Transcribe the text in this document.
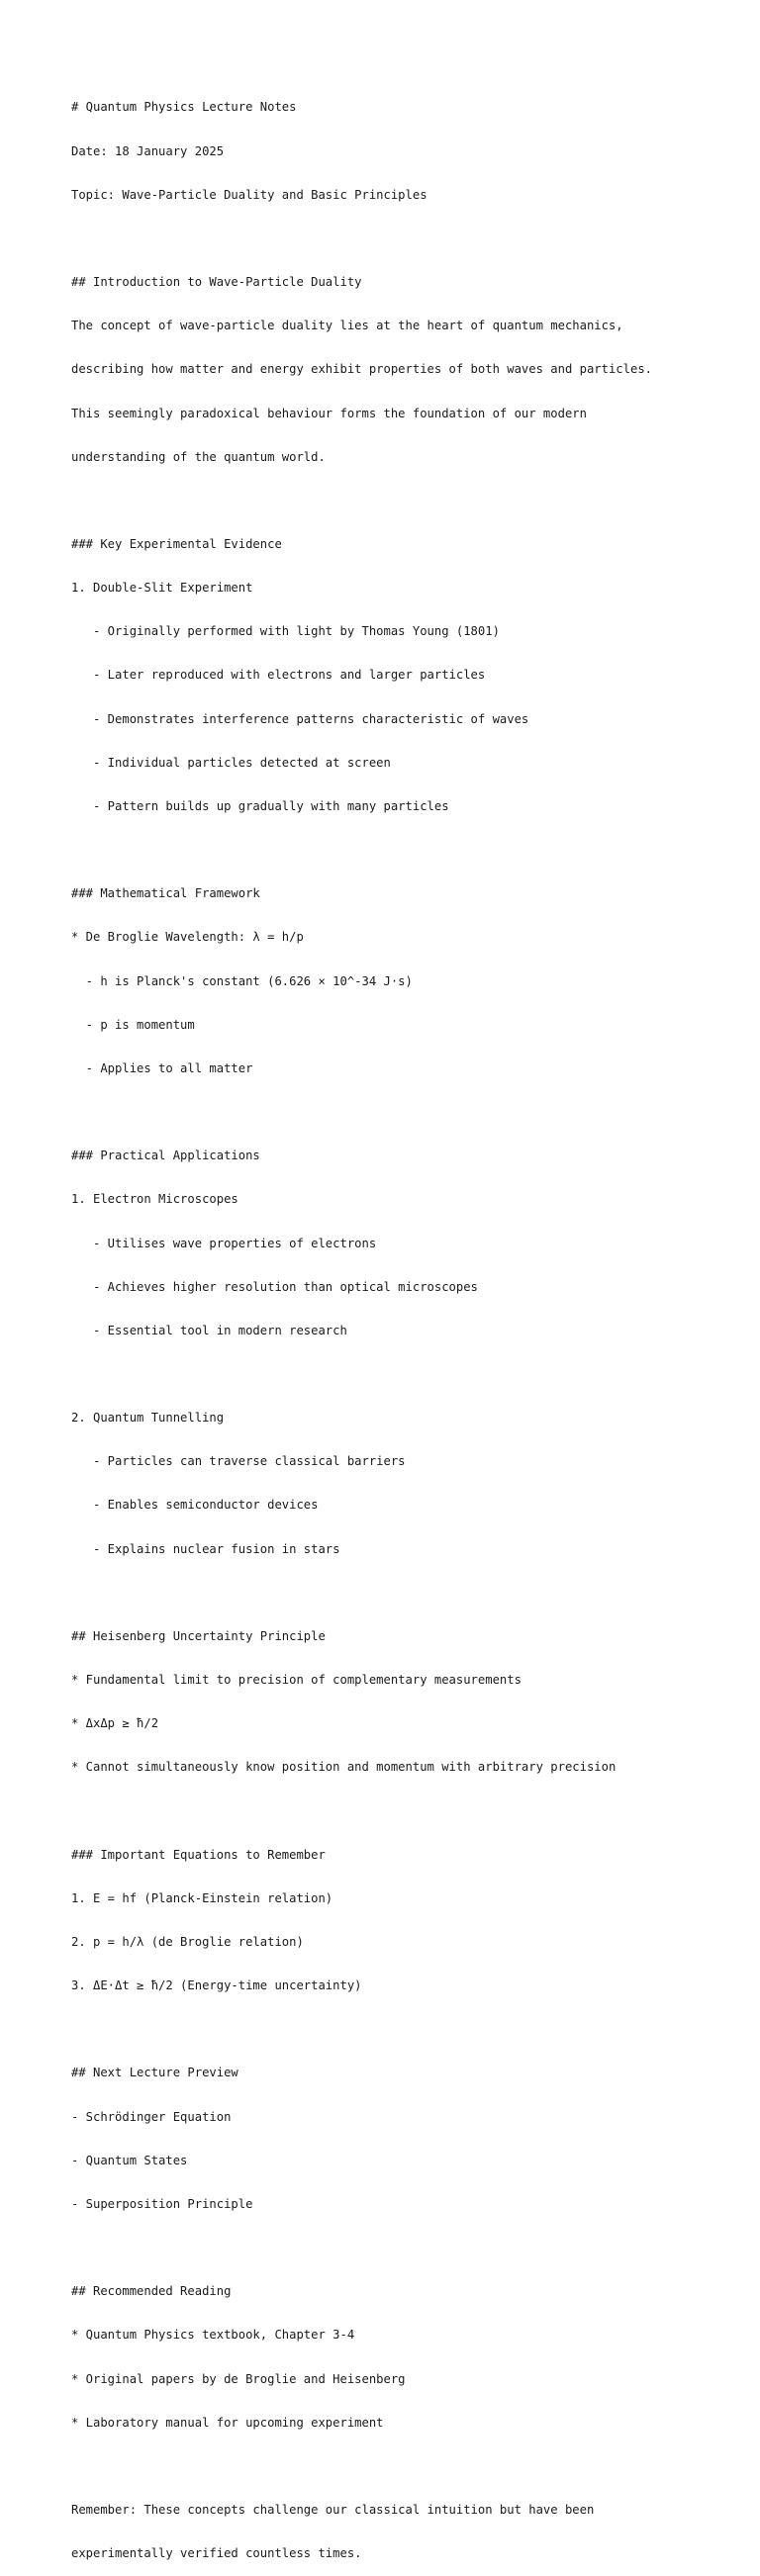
# Quantum Physics Lecture Notes

Date: 18 January 2025

Topic: Wave-Particle Duality and Basic Principles

## Introduction to Wave-Particle Duality

The concept of wave-particle duality lies at the heart of quantum mechanics,

describing how matter and energy exhibit properties of both waves and particles.

This seemingly paradoxical behaviour forms the foundation of our modern

understanding of the quantum world.

### Key Experimental Evidence

1. Double-Slit Experiment

- Originally performed with light by Thomas Young (1801)

- Later reproduced with electrons and larger particles

- Demonstrates interference patterns characteristic of waves

- Individual particles detected at screen

- Pattern builds up gradually with many particles

### Mathematical Framework

* De Broglie Wavelength: λ = h/p

- h is Planck's constant (6.626 × 10^-34 J·s)

- p is momentum

- Applies to all matter

### Practical Applications

1. Electron Microscopes

- Utilises wave properties of electrons

- Achieves higher resolution than optical microscopes

- Essential tool in modern research

2. Quantum Tunnelling

- Particles can traverse classical barriers

- Enables semiconductor devices

- Explains nuclear fusion in stars

## Heisenberg Uncertainty Principle

* Fundamental limit to precision of complementary measurements

* ΔxΔp ≥ ħ/2

* Cannot simultaneously know position and momentum with arbitrary precision

### Important Equations to Remember

1. E = hf (Planck-Einstein relation)

2. p = h/λ (de Broglie relation)

3. ΔE·Δt ≥ ħ/2 (Energy-time uncertainty)

## Next Lecture Preview

- Schrödinger Equation

- Quantum States

- Superposition Principle

## Recommended Reading

* Quantum Physics textbook, Chapter 3-4

* Original papers by de Broglie and Heisenberg

* Laboratory manual for upcoming experiment

Remember: These concepts challenge our classical intuition but have been

experimentally verified countless times.
